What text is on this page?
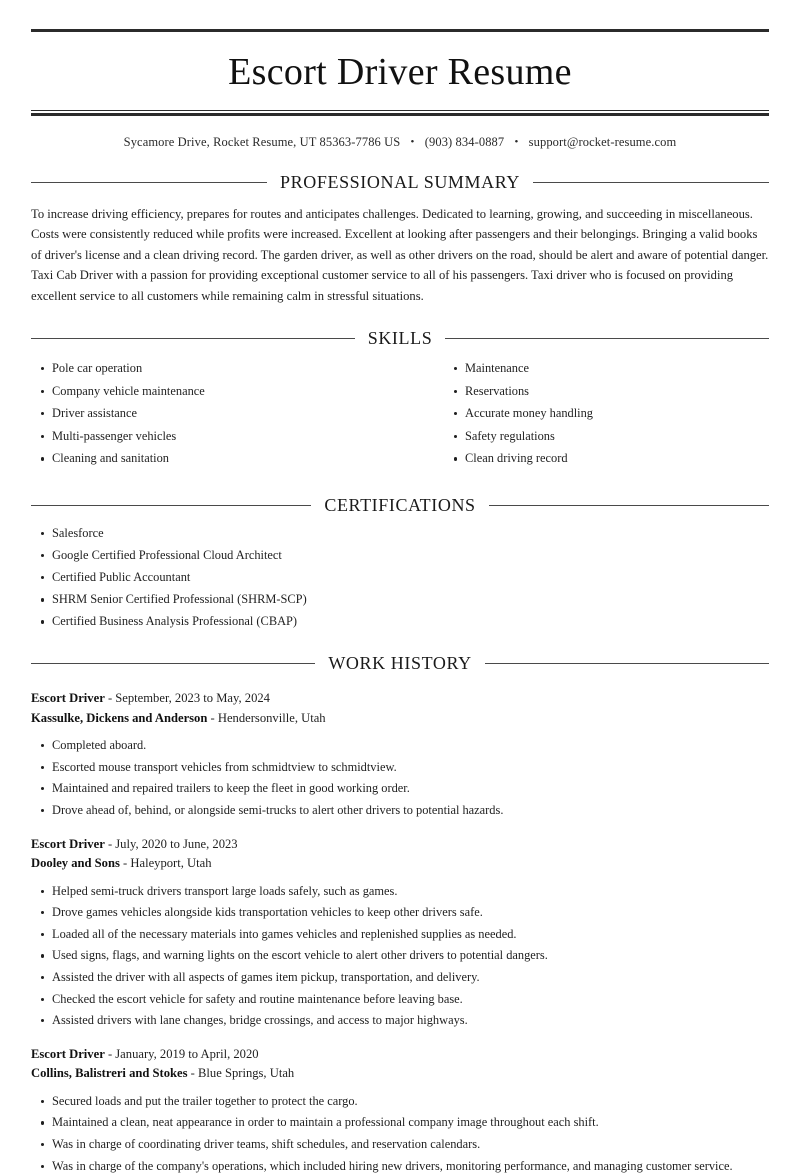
Escort Driver Resume
Sycamore Drive, Rocket Resume, UT 85363-7786 US • (903) 834-0887 • support@rocket-resume.com
PROFESSIONAL SUMMARY

To increase driving efficiency, prepares for routes and anticipates challenges. Dedicated to learning, growing, and succeeding in miscellaneous. Costs were consistently reduced while profits were increased. Excellent at looking after passengers and their belongings. Bringing a valid books of driver's license and a clean driving record. The garden driver, as well as other drivers on the road, should be alert and aware of potential danger. Taxi Cab Driver with a passion for providing exceptional customer service to all of his passengers. Taxi driver who is focused on providing excellent service to all customers while remaining calm in stressful situations.

SKILLS
Pole car operation
Company vehicle maintenance
Driver assistance
Multi-passenger vehicles
Cleaning and sanitation
Maintenance
Reservations
Accurate money handling
Safety regulations
Clean driving record
CERTIFICATIONS
Salesforce
Google Certified Professional Cloud Architect
Certified Public Accountant
SHRM Senior Certified Professional (SHRM-SCP)
Certified Business Analysis Professional (CBAP)
WORK HISTORY
Escort Driver - September, 2023 to May, 2024
Kassulke, Dickens and Anderson - Hendersonville, Utah
Completed aboard.
Escorted mouse transport vehicles from schmidtview to schmidtview.
Maintained and repaired trailers to keep the fleet in good working order.
Drove ahead of, behind, or alongside semi-trucks to alert other drivers to potential hazards.
Escort Driver - July, 2020 to June, 2023
Dooley and Sons - Haleyport, Utah
Helped semi-truck drivers transport large loads safely, such as games.
Drove games vehicles alongside kids transportation vehicles to keep other drivers safe.
Loaded all of the necessary materials into games vehicles and replenished supplies as needed.
Used signs, flags, and warning lights on the escort vehicle to alert other drivers to potential dangers.
Assisted the driver with all aspects of games item pickup, transportation, and delivery.
Checked the escort vehicle for safety and routine maintenance before leaving base.
Assisted drivers with lane changes, bridge crossings, and access to major highways.
Escort Driver - January, 2019 to April, 2020
Collins, Balistreri and Stokes - Blue Springs, Utah
Secured loads and put the trailer together to protect the cargo.
Maintained a clean, neat appearance in order to maintain a professional company image throughout each shift.
Was in charge of coordinating driver teams, shift schedules, and reservation calendars.
Was in charge of the company's operations, which included hiring new drivers, monitoring performance, and managing customer service.
